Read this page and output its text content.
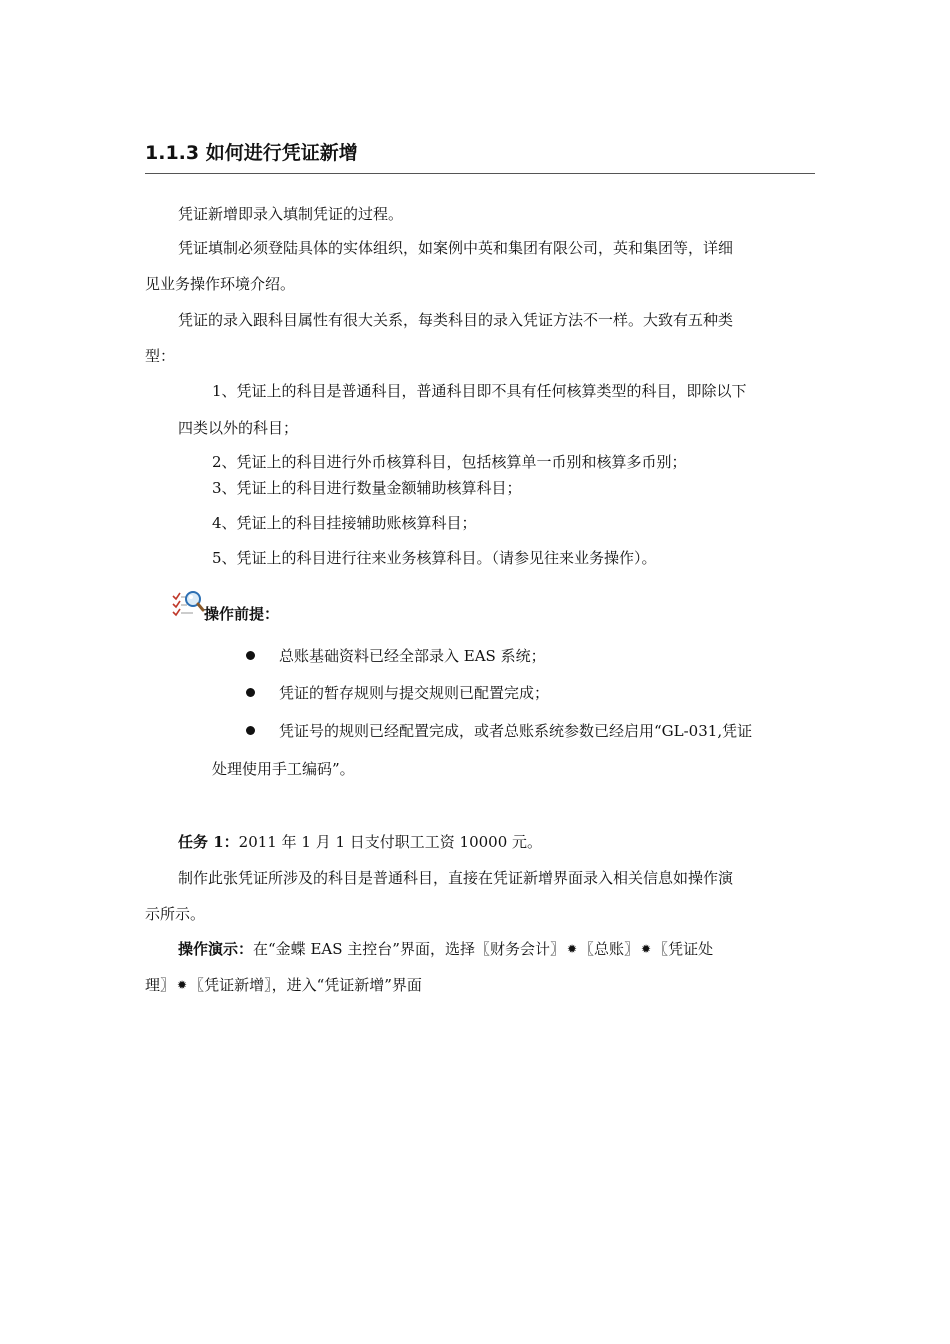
1.1.3 如何进行凭证新增
凭证新增即录入填制凭证的过程。
凭证填制必须登陆具体的实体组织，如案例中英和集团有限公司，英和集团等，详细
见业务操作环境介绍。
凭证的录入跟科目属性有很大关系，每类科目的录入凭证方法不一样。大致有五种类
型：
1、凭证上的科目是普通科目，普通科目即不具有任何核算类型的科目，即除以下
四类以外的科目；
2、凭证上的科目进行外币核算科目，包括核算单一币别和核算多币别；
3、凭证上的科目进行数量金额辅助核算科目；
4、凭证上的科目挂接辅助账核算科目；
5、凭证上的科目进行往来业务核算科目。（请参见往来业务操作）。
操作前提：
总账基础资料已经全部录入 EAS 系统；
凭证的暂存规则与提交规则已配置完成；
凭证号的规则已经配置完成，或者总账系统参数已经启用“GL-031,凭证
处理使用手工编码”。
任务 1：2011 年 1 月 1 日支付职工工资 10000 元。
制作此张凭证所涉及的科目是普通科目，直接在凭证新增界面录入相关信息如操作演
示所示。
操作演示：在“金蝶 EAS 主控台”界面，选择〖财务会计〗 ✹ 〖总账〗 ✹ 〖凭证处
理〗 ✹ 〖凭证新增〗，进入“凭证新增”界面
